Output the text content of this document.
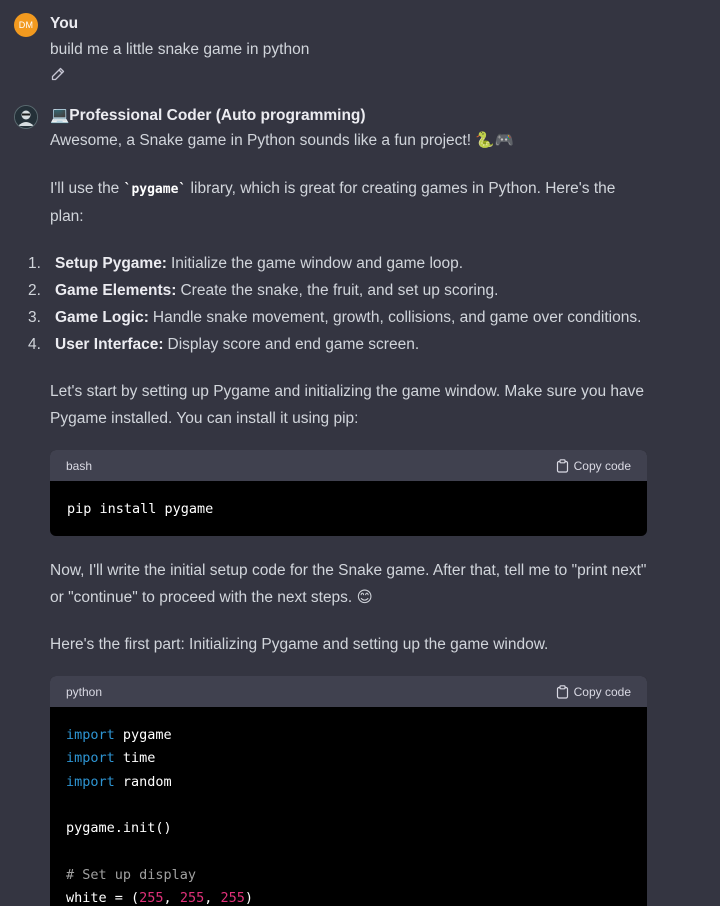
DM You
build me a little snake game in python
💻Professional Coder (Auto programming)
Awesome, a Snake game in Python sounds like a fun project! 🐍🎮
I'll use the `pygame` library, which is great for creating games in Python. Here's the plan:
1. Setup Pygame: Initialize the game window and game loop.
2. Game Elements: Create the snake, the fruit, and set up scoring.
3. Game Logic: Handle snake movement, growth, collisions, and game over conditions.
4. User Interface: Display score and end game screen.
Let's start by setting up Pygame and initializing the game window. Make sure you have Pygame installed. You can install it using pip:
bash	Copy code
pip install pygame
Now, I'll write the initial setup code for the Snake game. After that, tell me to "print next" or "continue" to proceed with the next steps. 😊
Here's the first part: Initializing Pygame and setting up the game window.
python	Copy code
import pygame
import time
import random

pygame.init()

# Set up display
white = (255, 255, 255)
